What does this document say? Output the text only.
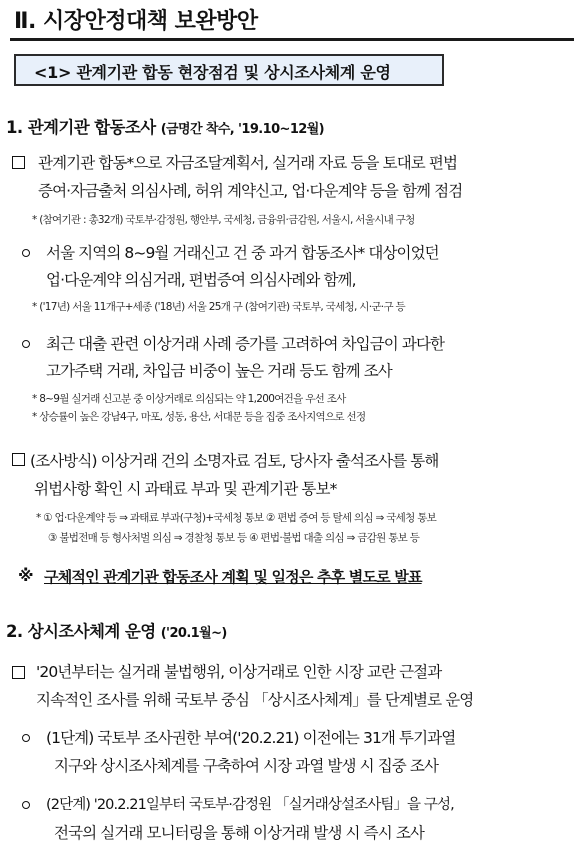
Ⅱ. 시장안정대책 보완방안
<1> 관계기관 합동 현장점검 및 상시조사체계 운영
1. 관계기관 합동조사 (금명간 착수, '19.10~12월)
관계기관 합동*으로 자금조달계획서, 실거래 자료 등을 토대로 편법
증여·자금출처 의심사례, 허위 계약신고, 업·다운계약 등을 함께 점검
* (참여기관 : 총32개) 국토부·감정원, 행안부, 국세청, 금융위·금감원, 서울시, 서울시내 구청
서울 지역의 8~9월 거래신고 건 중 과거 합동조사* 대상이었던
업·다운계약 의심거래, 편법증여 의심사례와 함께,
* ('17년) 서울 11개구+세종 ('18년) 서울 25개 구 (참여기관) 국토부, 국세청, 시·군·구 등
최근 대출 관련 이상거래 사례 증가를 고려하여 차입금이 과다한
고가주택 거래, 차입금 비중이 높은 거래 등도 함께 조사
* 8~9월 실거래 신고분 중 이상거래로 의심되는 약 1,200여건을 우선 조사
* 상승률이 높은 강남4구, 마포, 성동, 용산, 서대문 등을 집중 조사지역으로 선정
(조사방식) 이상거래 건의 소명자료 검토, 당사자 출석조사를 통해
위법사항 확인 시 과태료 부과 및 관계기관 통보*
* ① 업·다운계약 등 ⇒ 과태료 부과(구청)+국세청 통보 ② 편법 증여 등 탈세 의심 ⇒ 국세청 통보
③ 불법전매 등 형사처벌 의심 ⇒ 경찰청 통보 등 ④ 편법·불법 대출 의심 ⇒ 금감원 통보 등
※ 구체적인 관계기관 합동조사 계획 및 일정은 추후 별도로 발표
2. 상시조사체계 운영 ('20.1월~)
'20년부터는 실거래 불법행위, 이상거래로 인한 시장 교란 근절과
지속적인 조사를 위해 국토부 중심 「상시조사체계」를 단계별로 운영
(1단계) 국토부 조사권한 부여('20.2.21) 이전에는 31개 투기과열
지구와 상시조사체계를 구축하여 시장 과열 발생 시 집중 조사
(2단계) '20.2.21일부터 국토부·감정원 「실거래상설조사팀」을 구성,
전국의 실거래 모니터링을 통해 이상거래 발생 시 즉시 조사
